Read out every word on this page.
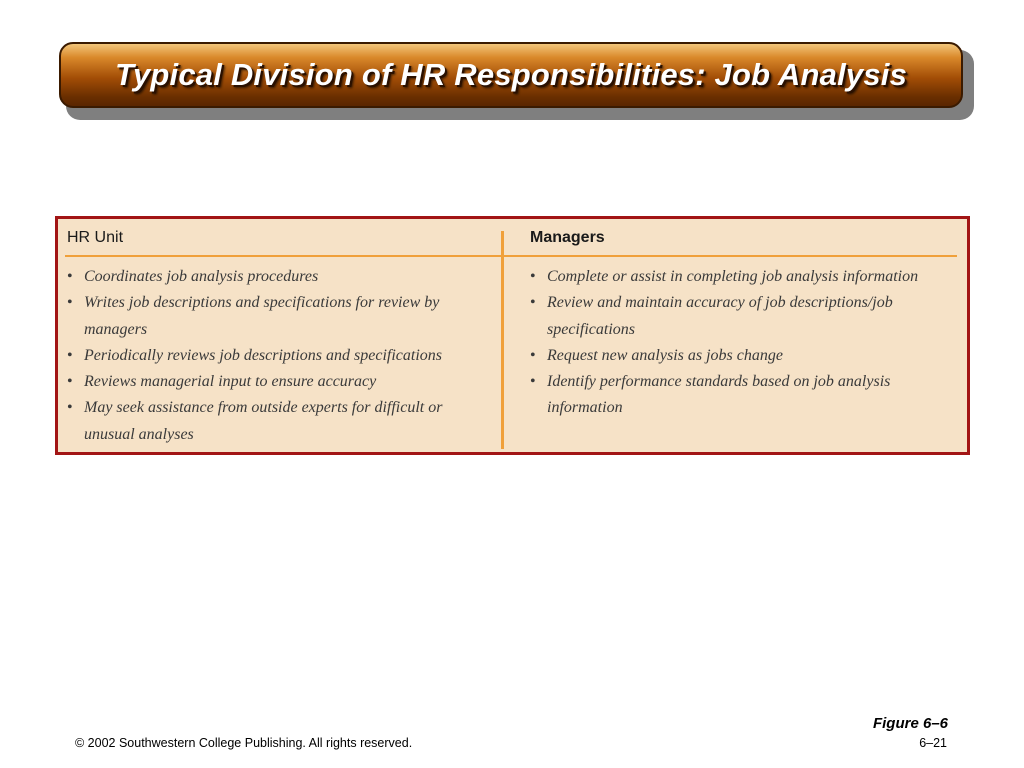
Typical Division of HR Responsibilities: Job Analysis
HR Unit	Managers
• Coordinates job analysis procedures
• Writes job descriptions and specifications for review by managers
• Periodically reviews job descriptions and specifications
• Reviews managerial input to ensure accuracy
• May seek assistance from outside experts for difficult or unusual analyses
• Complete or assist in completing job analysis information
• Review and maintain accuracy of job descriptions/job specifications
• Request new analysis as jobs change
• Identify performance standards based on job analysis information
Figure 6–6
© 2002 Southwestern College Publishing. All rights reserved.	6–21
